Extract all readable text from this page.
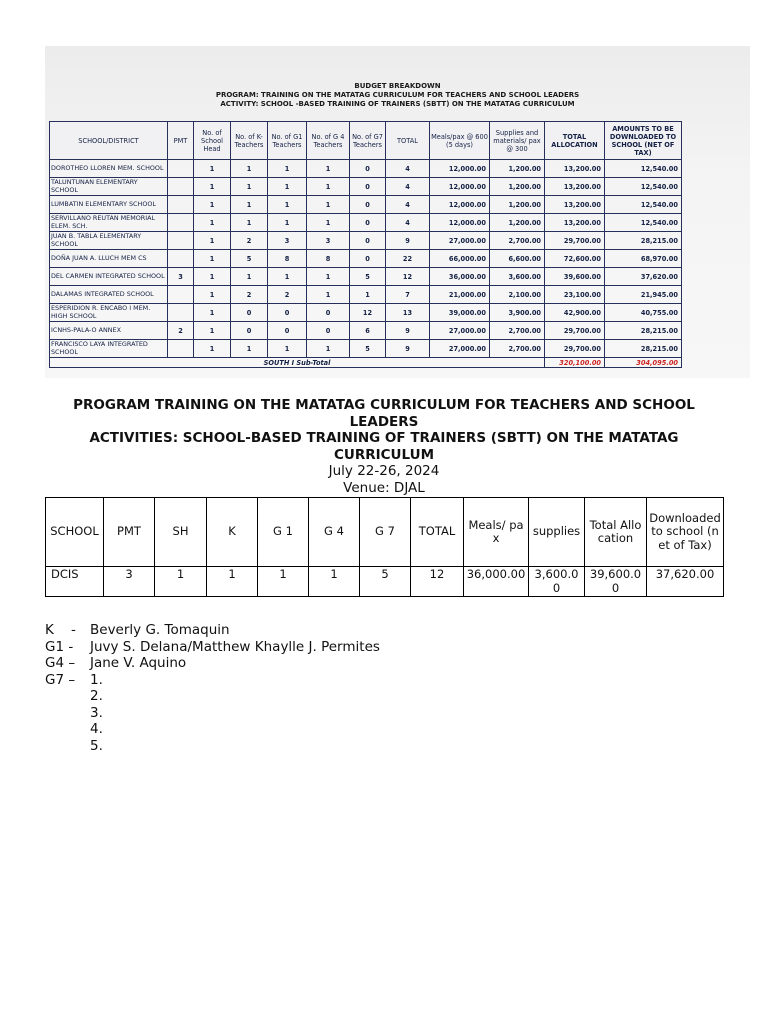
BUDGET BREAKDOWN
PROGRAM: TRAINING ON THE MATATAG CURRICULUM FOR TEACHERS AND SCHOOL LEADERS
ACTIVITY: SCHOOL -BASED TRAINING OF TRAINERS (SBTT) ON THE MATATAG CURRICULUM
SCHOOL/DISTRICT	PMT	No. of School Head	No. of K-Teachers	No. of G1 Teachers	No. of G 4 Teachers	No. of G7 Teachers	TOTAL	Meals/pax @ 600 (5 days)	Supplies and materials/ pax @ 300	TOTAL ALLOCATION	AMOUNTS TO BE DOWNLOADED TO SCHOOL (NET OF TAX)
DOROTHEO LLOREN MEM. SCHOOL		1	1	1	1	0	4	12,000.00	1,200.00	13,200.00	12,540.00
TALUNTUNAN ELEMENTARY SCHOOL		1	1	1	1	0	4	12,000.00	1,200.00	13,200.00	12,540.00
LUMBATIN ELEMENTARY SCHOOL		1	1	1	1	0	4	12,000.00	1,200.00	13,200.00	12,540.00
SERVILLANO REUTAN MEMORIAL ELEM. SCH.		1	1	1	1	0	4	12,000.00	1,200.00	13,200.00	12,540.00
JUAN B. TABLA ELEMENTARY SCHOOL		1	2	3	3	0	9	27,000.00	2,700.00	29,700.00	28,215.00
DOÑA JUAN A. LLUCH MEM CS		1	5	8	8	0	22	66,000.00	6,600.00	72,600.00	68,970.00
DEL CARMEN INTEGRATED SCHOOL	3	1	1	1	1	5	12	36,000.00	3,600.00	39,600.00	37,620.00
DALAMAS INTEGRATED SCHOOL		1	2	2	1	1	7	21,000.00	2,100.00	23,100.00	21,945.00
ESPERIDION R. ENCABO I MEM. HIGH SCHOOL		1	0	0	0	12	13	39,000.00	3,900.00	42,900.00	40,755.00
ICNHS-PALA-O ANNEX	2	1	0	0	0	6	9	27,000.00	2,700.00	29,700.00	28,215.00
FRANCISCO LAYA INTEGRATED SCHOOL		1	1	1	1	5	9	27,000.00	2,700.00	29,700.00	28,215.00
SOUTH I Sub-Total										320,100.00	304,095.00
PROGRAM TRAINING ON THE MATATAG CURRICULUM FOR TEACHERS AND SCHOOL LEADERS
ACTIVITIES: SCHOOL-BASED TRAINING OF TRAINERS (SBTT) ON THE MATATAG CURRICULUM
July 22-26, 2024
Venue: DJAL
SCHOOL	PMT	SH	K	G 1	G 4	G 7	TOTAL	Meals/ pax	supplies	Total Allocation	Downloaded to school (net of Tax)
DCIS	3	1	1	1	1	5	12	36,000.00	3,600.00	39,600.00	37,620.00
K    -	Beverly G. Tomaquin
G1 -	Juvy S. Delana/Matthew Khaylle J. Permites
G4 –	Jane V. Aquino
G7 –	1.
2.
3.
4.
5.
